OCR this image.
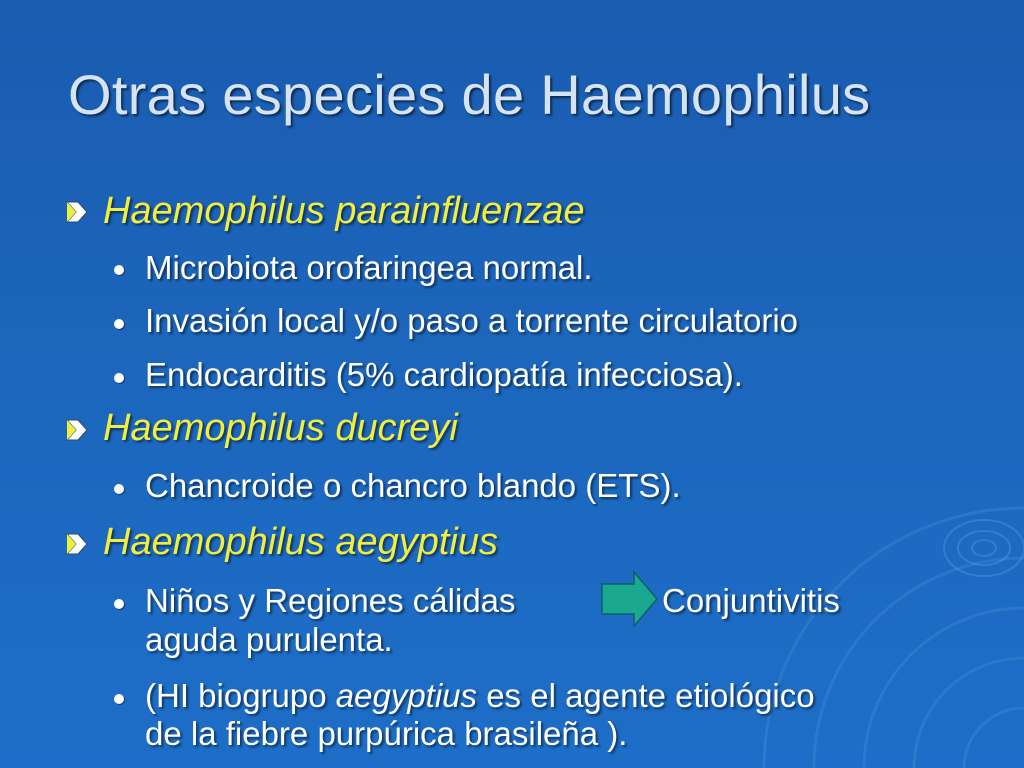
Otras especies de Haemophilus
Haemophilus parainfluenzae
Microbiota orofaringea normal.
Invasión local y/o paso a torrente circulatorio
Endocarditis (5% cardiopatía infecciosa).
Haemophilus ducreyi
Chancroide o chancro blando (ETS).
Haemophilus aegyptius
Niños y Regiones cálidas	Conjuntivitis
aguda purulenta.
(HI biogrupo aegyptius es el agente etiológico
de la fiebre purpúrica brasileña ).
